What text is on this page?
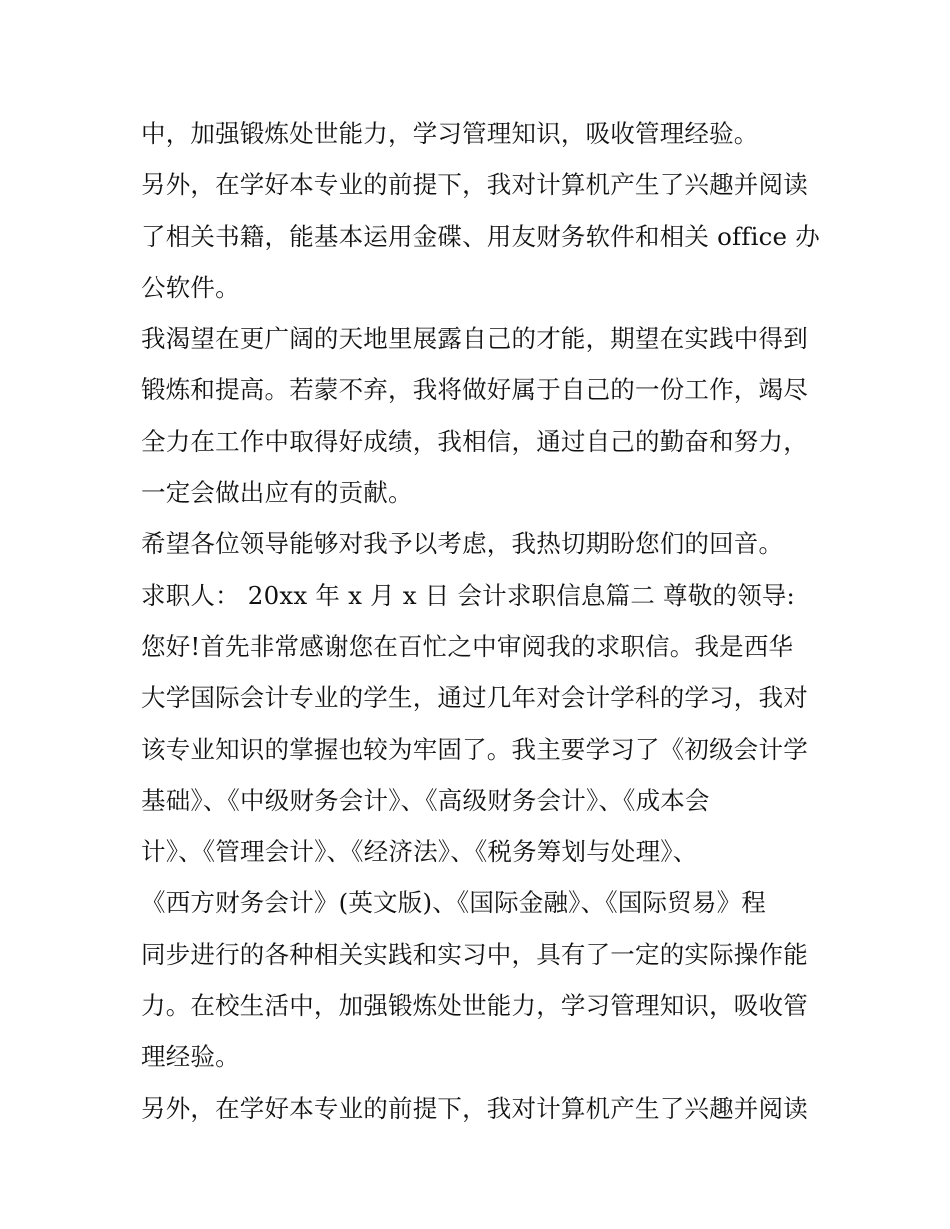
中，加强锻炼处世能力，学习管理知识，吸收管理经验。
另外，在学好本专业的前提下，我对计算机产生了兴趣并阅读
了相关书籍，能基本运用金碟、用友财务软件和相关 office 办
公软件。
我渴望在更广阔的天地里展露自己的才能，期望在实践中得到
锻炼和提高。若蒙不弃，我将做好属于自己的一份工作，竭尽
全力在工作中取得好成绩，我相信，通过自己的勤奋和努力，
一定会做出应有的贡献。
希望各位领导能够对我予以考虑，我热切期盼您们的回音。
求职人： 20xx 年 x 月 x 日 会计求职信息篇二 尊敬的领导:
您好!首先非常感谢您在百忙之中审阅我的求职信。我是西华
大学国际会计专业的学生，通过几年对会计学科的学习，我对
该专业知识的掌握也较为牢固了。我主要学习了《初级会计学
基础》、《中级财务会计》、《高级财务会计》、《成本会
计》、《管理会计》、《经济法》、《税务筹划与处理》、
《西方财务会计》(英文版)、《国际金融》、《国际贸易》程
同步进行的各种相关实践和实习中，具有了一定的实际操作能
力。在校生活中，加强锻炼处世能力，学习管理知识，吸收管
理经验。
另外，在学好本专业的前提下，我对计算机产生了兴趣并阅读
